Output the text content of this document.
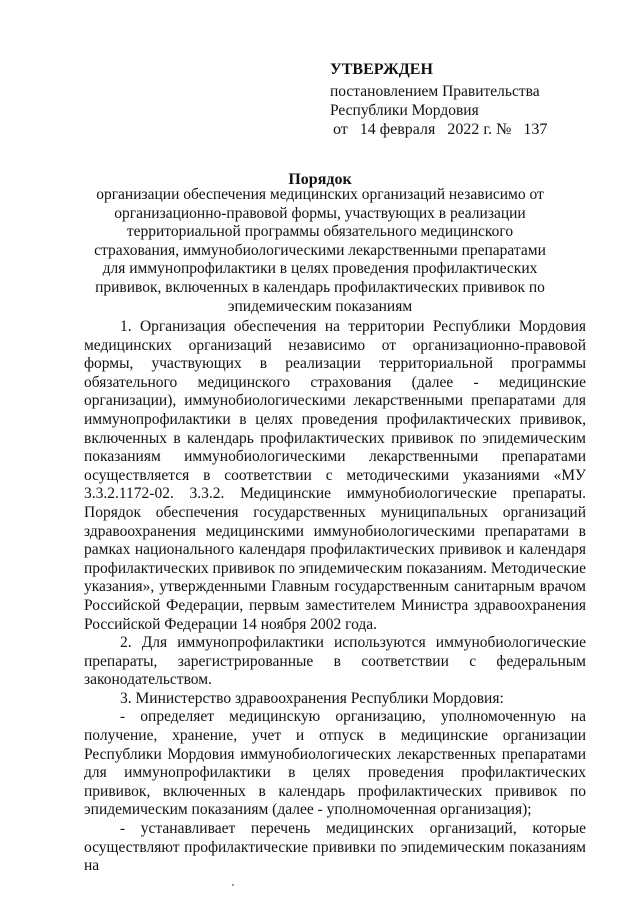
УТВЕРЖДЕН
постановлением Правительства
Республики Мордовия
от 14 февраля 2022 г. № 137
Порядок
организации обеспечения медицинских организаций независимо от организационно-правовой формы, участвующих в реализации территориальной программы обязательного медицинского страхования, иммунобиологическими лекарственными препаратами для иммунопрофилактики в целях проведения профилактических прививок, включенных в календарь профилактических прививок по эпидемическим показаниям

1. Организация обеспечения на территории Республики Мордовия медицинских организаций независимо от организационно-правовой формы, участвующих в реализации территориальной программы обязательного медицинского страхования (далее - медицинские организации), иммунобиологическими лекарственными препаратами для иммунопрофилактики в целях проведения профилактических прививок, включенных в календарь профилактических прививок по эпидемическим показаниям иммунобиологическими лекарственными препаратами осуществляется в соответствии с методическими указаниями «МУ 3.3.2.1172-02. 3.3.2. Медицинские иммунобиологические препараты. Порядок обеспечения государственных муниципальных организаций здравоохранения медицинскими иммунобиологическими препаратами в рамках национального календаря профилактических прививок и календаря профилактических прививок по эпидемическим показаниям. Методические указания», утвержденными Главным государственным санитарным врачом Российской Федерации, первым заместителем Министра здравоохранения Российской Федерации 14 ноября 2002 года.

2. Для иммунопрофилактики используются иммунобиологические препараты, зарегистрированные в соответствии с федеральным законодательством.

3. Министерство здравоохранения Республики Мордовия:

- определяет медицинскую организацию, уполномоченную на получение, хранение, учет и отпуск в медицинские организации Республики Мордовия иммунобиологических лекарственных препаратами для иммунопрофилактики в целях проведения профилактических прививок, включенных в календарь профилактических прививок по эпидемическим показаниям (далее - уполномоченная организация);

- устанавливает перечень медицинских организаций, которые осуществляют профилактические прививки по эпидемическим показаниям на
